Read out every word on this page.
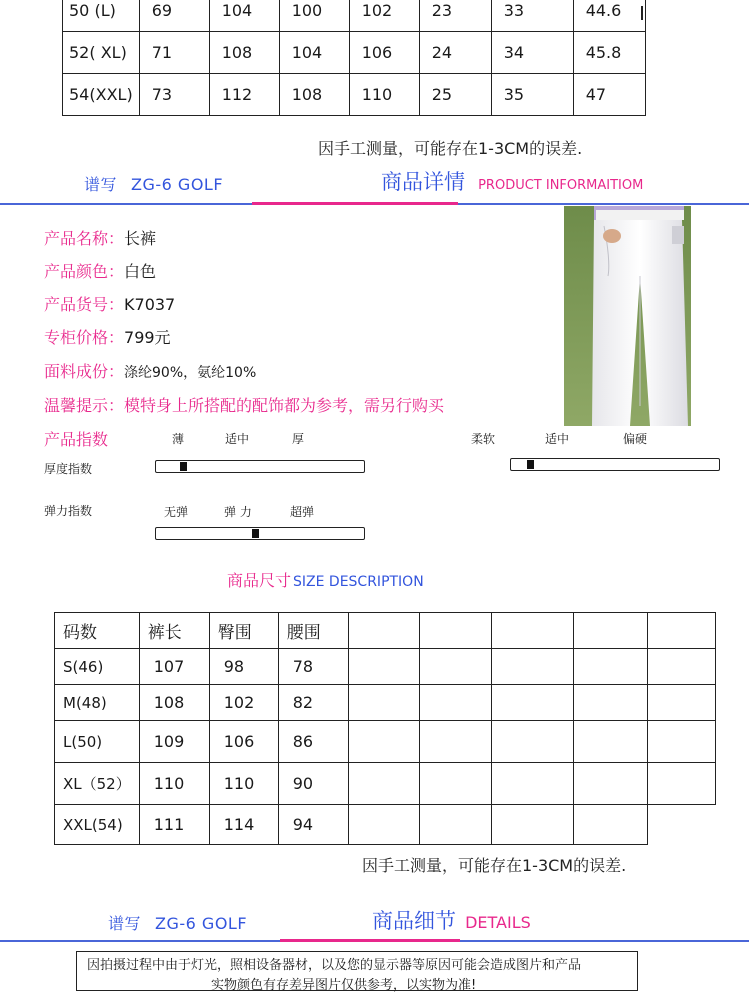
50 (L)	69	104	100	102	23	33	44.6
52( XL)	71	108	104	106	24	34	45.8
54(XXL)	73	112	108	110	25	35	47
因手工测量，可能存在1-3CM的误差.
谱写 ZG-6 GOLF	商品详情 PRODUCT INFORMAITIOM
产品名称：长裤
产品颜色：白色
产品货号：K7037
专柜价格：799元
面料成份：涤纶90%，氨纶10%
温馨提示：模特身上所搭配的配饰都为参考，需另行购买
产品指数	薄	适中	厚	柔软	适中	偏硬
厚度指数
无弹	弹 力	超弹
弹力指数
商品尺寸 SIZE DESCRIPTION
码数	裤长	臀围	腰围					
S(46)	107	98	78					
M(48)	108	102	82					
L(50)	109	106	86					
XL（52）	110	110	90					
XXL(54)	111	114	94					
因手工测量，可能存在1-3CM的误差.
谱写 ZG-6 GOLF	商品细节 DETAILS
因拍摄过程中由于灯光，照相设备器材，以及您的显示器等原因可能会造成图片和产品
实物颜色有存差异图片仅供参考，以实物为准!
